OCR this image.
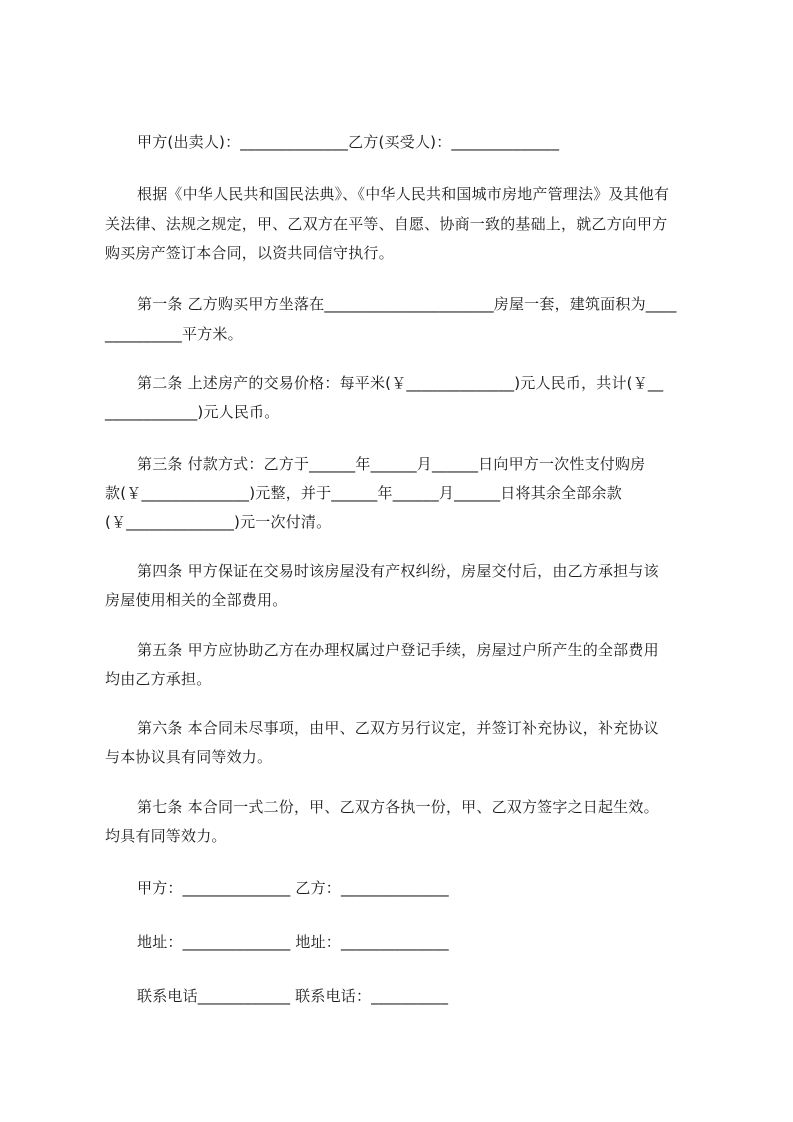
甲方(出卖人)：______________乙方(买受人)：______________
根据《中华人民共和国民法典》、《中华人民共和国城市房地产管理法》及其他有
关法律、法规之规定，甲、乙双方在平等、自愿、协商一致的基础上，就乙方向甲方
购买房产签订本合同，以资共同信守执行。
第一条 乙方购买甲方坐落在______________________房屋一套，建筑面积为____
__________平方米。
第二条 上述房产的交易价格：每平米(￥______________)元人民币，共计(￥__
____________)元人民币。
第三条 付款方式：乙方于______年______月______日向甲方一次性支付购房
款(￥______________)元整，并于______年______月______日将其余全部余款
(￥______________)元一次付清。
第四条 甲方保证在交易时该房屋没有产权纠纷，房屋交付后，由乙方承担与该
房屋使用相关的全部费用。
第五条 甲方应协助乙方在办理权属过户登记手续，房屋过户所产生的全部费用
均由乙方承担。
第六条 本合同未尽事项，由甲、乙双方另行议定，并签订补充协议，补充协议
与本协议具有同等效力。
第七条 本合同一式二份，甲、乙双方各执一份，甲、乙双方签字之日起生效。
均具有同等效力。
甲方：______________ 乙方：______________
地址：______________ 地址：______________
联系电话____________ 联系电话：__________
